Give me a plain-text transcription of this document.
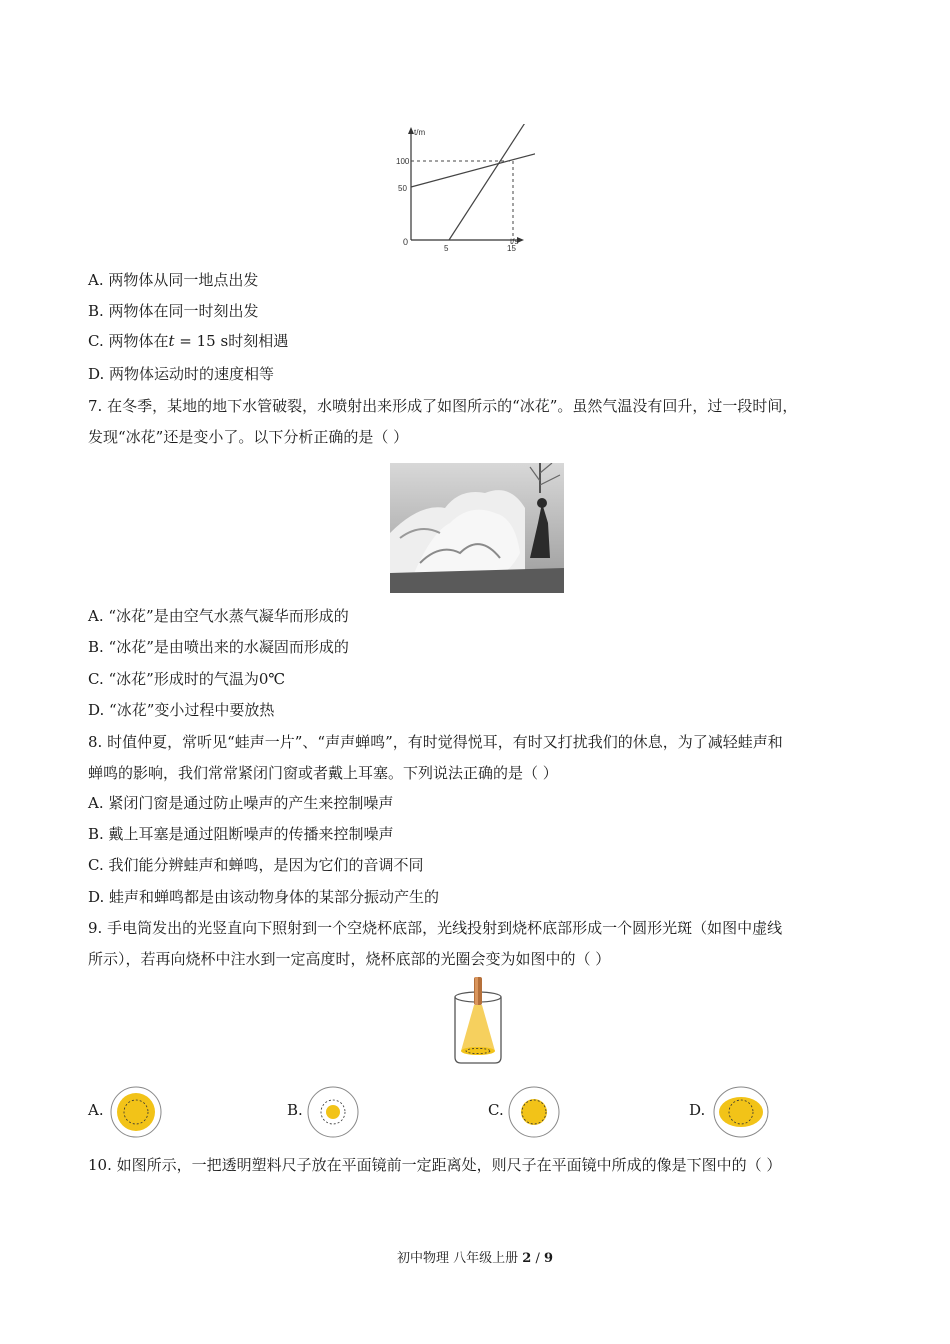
t/m
t/s
0
100
50
5	15
A. 两物体从同一地点出发
B. 两物体在同一时刻出发
C. 两物体在t = 15 s时刻相遇
D. 两物体运动时的速度相等
7. 在冬季，某地的地下水管破裂，水喷射出来形成了如图所示的“冰花”。虽然气温没有回升，过一段时间，
发现“冰花”还是变小了。以下分析正确的是（ ）
A. “冰花”是由空气水蒸气凝华而形成的
B. “冰花”是由喷出来的水凝固而形成的
C. “冰花”形成时的气温为0℃
D. “冰花”变小过程中要放热
8. 时值仲夏，常听见“蛙声一片”、“声声蝉鸣”，有时觉得悦耳，有时又打扰我们的休息，为了减轻蛙声和
蝉鸣的影响，我们常常紧闭门窗或者戴上耳塞。下列说法正确的是（ ）
A. 紧闭门窗是通过防止噪声的产生来控制噪声
B. 戴上耳塞是通过阻断噪声的传播来控制噪声
C. 我们能分辨蛙声和蝉鸣，是因为它们的音调不同
D. 蛙声和蝉鸣都是由该动物身体的某部分振动产生的
9. 手电筒发出的光竖直向下照射到一个空烧杯底部，光线投射到烧杯底部形成一个圆形光斑（如图中虚线
所示），若再向烧杯中注水到一定高度时，烧杯底部的光圈会变为如图中的（ ）
A.	B.	C.	D.
10. 如图所示，一把透明塑料尺子放在平面镜前一定距离处，则尺子在平面镜中所成的像是下图中的（ ）
初中物理 八年级上册 2 / 9
